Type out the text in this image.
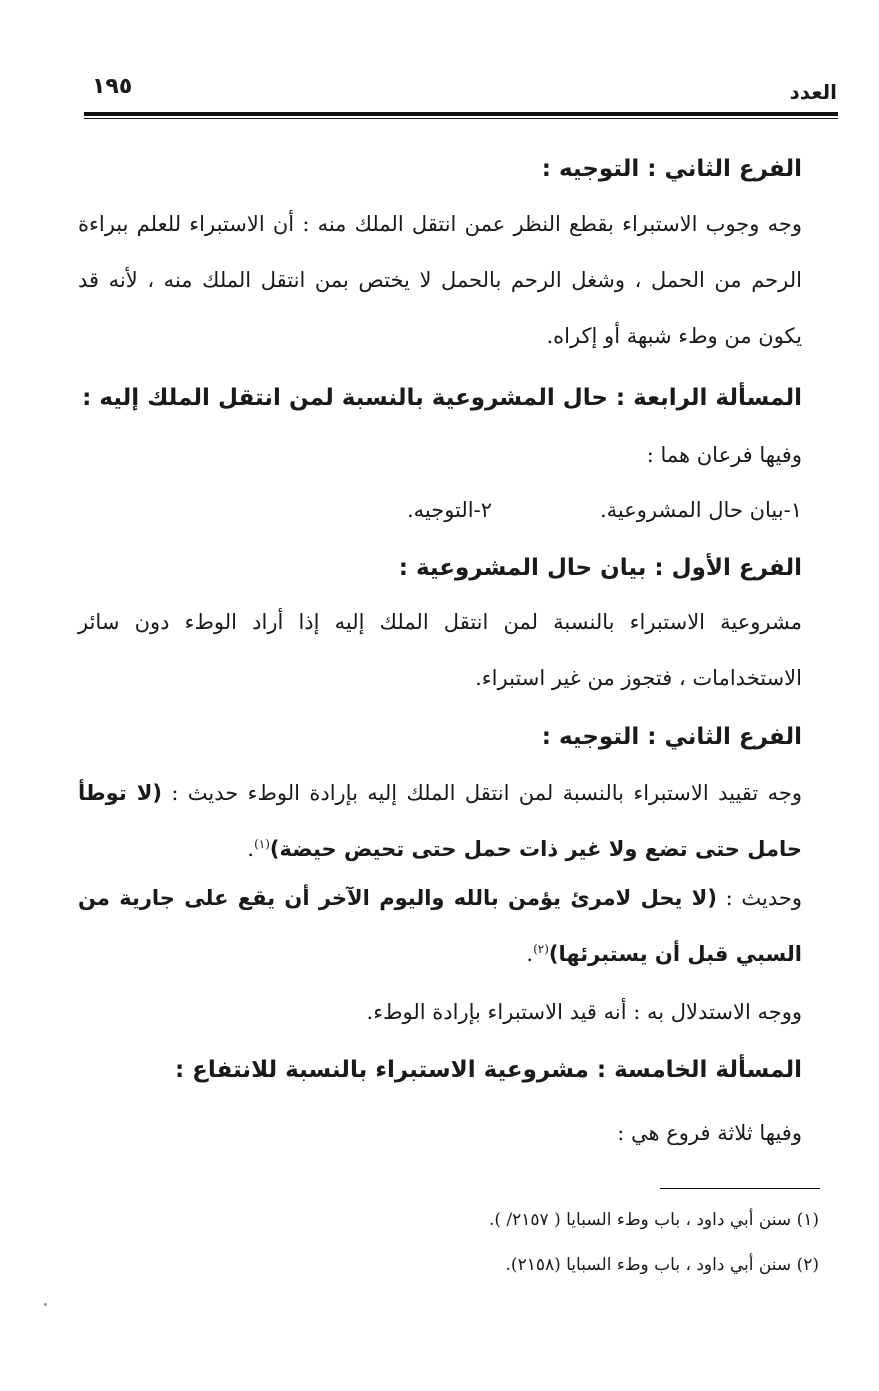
١٩٥	العدد
الفرع الثاني : التوجيه :
وجه وجوب الاستبراء بقطع النظر عمن انتقل الملك منه : أن الاستبراء للعلم ببراءة الرحم من الحمل ، وشغل الرحم بالحمل لا يختص بمن انتقل الملك منه ، لأنه قد يكون من وطء شبهة أو إكراه.
المسألة الرابعة : حال المشروعية بالنسبة لمن انتقل الملك إليه :
وفيها فرعان هما :
١-بيان حال المشروعية.
٢-التوجيه.
الفرع الأول : بيان حال المشروعية :
مشروعية الاستبراء بالنسبة لمن انتقل الملك إليه إذا أراد الوطء دون سائر الاستخدامات ، فتجوز من غير استبراء.
الفرع الثاني : التوجيه :
وجه تقييد الاستبراء بالنسبة لمن انتقل الملك إليه بإرادة الوطء حديث : (لا توطأ حامل حتى تضع ولا غير ذات حمل حتى تحيض حيضة)$^{(١)}$.
وحديث : (لا يحل لامرئ يؤمن بالله واليوم الآخر أن يقع على جارية من السبي قبل أن يستبرئها)$^{(٢)}$.
ووجه الاستدلال به : أنه قيد الاستبراء بإرادة الوطء.
المسألة الخامسة : مشروعية الاستبراء بالنسبة للانتفاع :
وفيها ثلاثة فروع هي :
(١) سنن أبي داود ، باب وطء السبايا ( ٢١٥٧/ ).
(٢) سنن أبي داود ، باب وطء السبايا (٢١٥٨).
